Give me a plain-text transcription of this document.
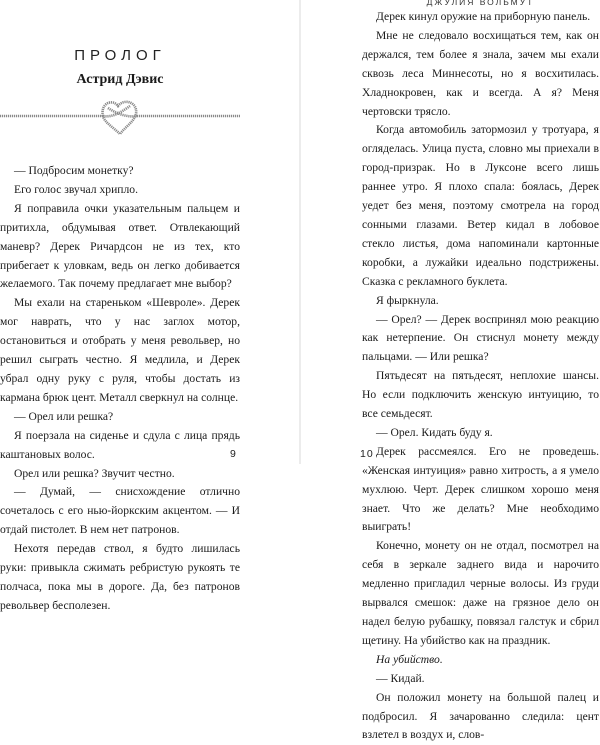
ПРОЛОГ
Астрид Дэвис

— Подбросим монетку?

Его голос звучал хрипло.

Я поправила очки указательным пальцем и притихла, обдумывая ответ. Отвлекающий маневр? Дерек Ричардсон не из тех, кто прибегает к уловкам, ведь он легко добивается желаемого. Так почему предлагает мне выбор?

Мы ехали на стареньком «Шевроле». Дерек мог наврать, что у нас заглох мотор, остановиться и отобрать у меня револьвер, но решил сыграть честно. Я медлила, и Дерек убрал одну руку с руля, чтобы достать из кармана брюк цент. Металл сверкнул на солнце.

— Орел или решка?

Я поерзала на сиденье и сдула с лица прядь каштановых волос.

Орел или решка? Звучит честно.

— Думай, — снисхождение отлично сочеталось с его нью-йоркским акцентом. — И отдай пистолет. В нем нет патронов.

Нехотя передав ствол, я будто лишилась руки: привыкла сжимать ребристую рукоять те полчаса, пока мы в дороге. Да, без патронов револьвер бесполезен.

9
ДЖУЛИЯ ВОЛЬМУТ

Дерек кинул оружие на приборную панель.

Мне не следовало восхищаться тем, как он держался, тем более я знала, зачем мы ехали сквозь леса Миннесоты, но я восхитилась. Хладнокровен, как и всегда. А я? Меня чертовски трясло.

Когда автомобиль затормозил у тротуара, я огляделась. Улица пуста, словно мы приехали в город-призрак. Но в Луксоне всего лишь раннее утро. Я плохо спала: боялась, Дерек уедет без меня, поэтому смотрела на город сонными глазами. Ветер кидал в лобовое стекло листья, дома напоминали картонные коробки, а лужайки идеально подстрижены. Сказка с рекламного буклета.

Я фыркнула.

— Орел? — Дерек воспринял мою реакцию как нетерпение. Он стиснул монету между пальцами. — Или решка?

Пятьдесят на пятьдесят, неплохие шансы. Но если подключить женскую интуицию, то все семьдесят.

— Орел. Кидать буду я.

Дерек рассмеялся. Его не проведешь. «Женская интуиция» равно хитрость, а я умело мухлюю. Черт. Дерек слишком хорошо меня знает. Что же делать? Мне необходимо выиграть!

Конечно, монету он не отдал, посмотрел на себя в зеркале заднего вида и нарочито медленно пригладил черные волосы. Из груди вырвался смешок: даже на грязное дело он надел белую рубашку, повязал галстук и сбрил щетину. На убийство как на праздник.

На убийство.

— Кидай.

Он положил монету на большой палец и подбросил. Я зачарованно следила: цент взлетел в воздух и, слов-

10
